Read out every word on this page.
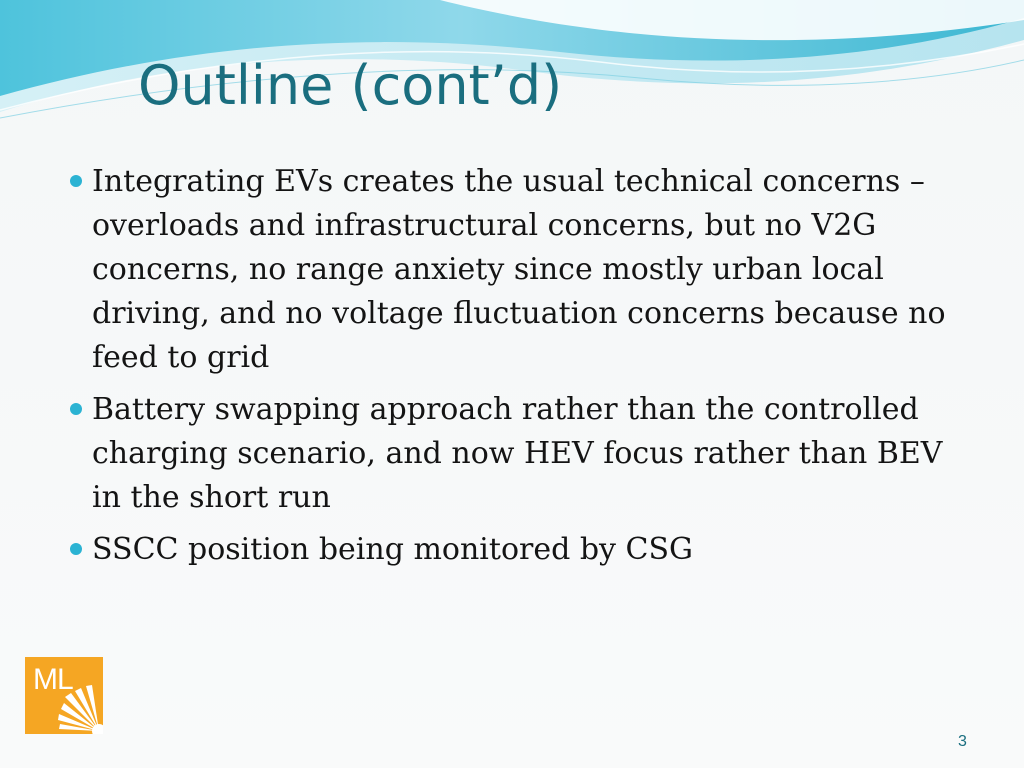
Outline (cont’d)
Integrating EVs creates the usual technical concerns – overloads and infrastructural concerns, but no V2G concerns, no range anxiety since mostly urban local driving, and no voltage fluctuation concerns because no feed to grid
Battery swapping approach rather than the controlled charging scenario, and now HEV focus rather than BEV in the short run
SSCC position being monitored by CSG
ML
3
